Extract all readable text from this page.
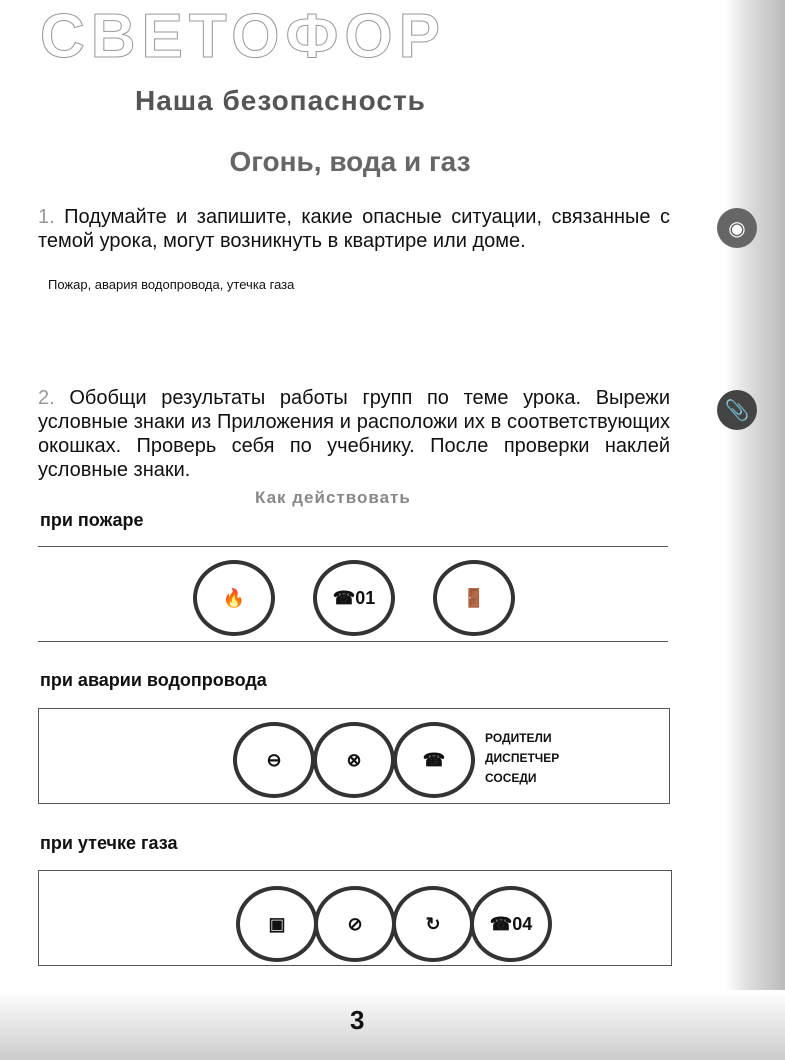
СВЕТОФОР
Наша безопасность
Огонь, вода и газ
1. Подумайте и запишите, какие опасные ситуации, связанные с темой урока, могут возникнуть в квартире или доме.
Пожар, авария водопровода, утечка газа
◉
2. Обобщи результаты работы групп по теме урока. Вырежи условные знаки из Приложения и расположи их в соответствующих окошках. Проверь себя по учебнику. После проверки наклей условные знаки.
📎
Как действовать
при пожаре
🔥	☎ 01	🚪
при аварии водопровода
⊖	⊗	☎
РОДИТЕЛИ
ДИСПЕТЧЕР
СОСЕДИ
при утечке газа
▣	⊘	↻	☎ 04
3
